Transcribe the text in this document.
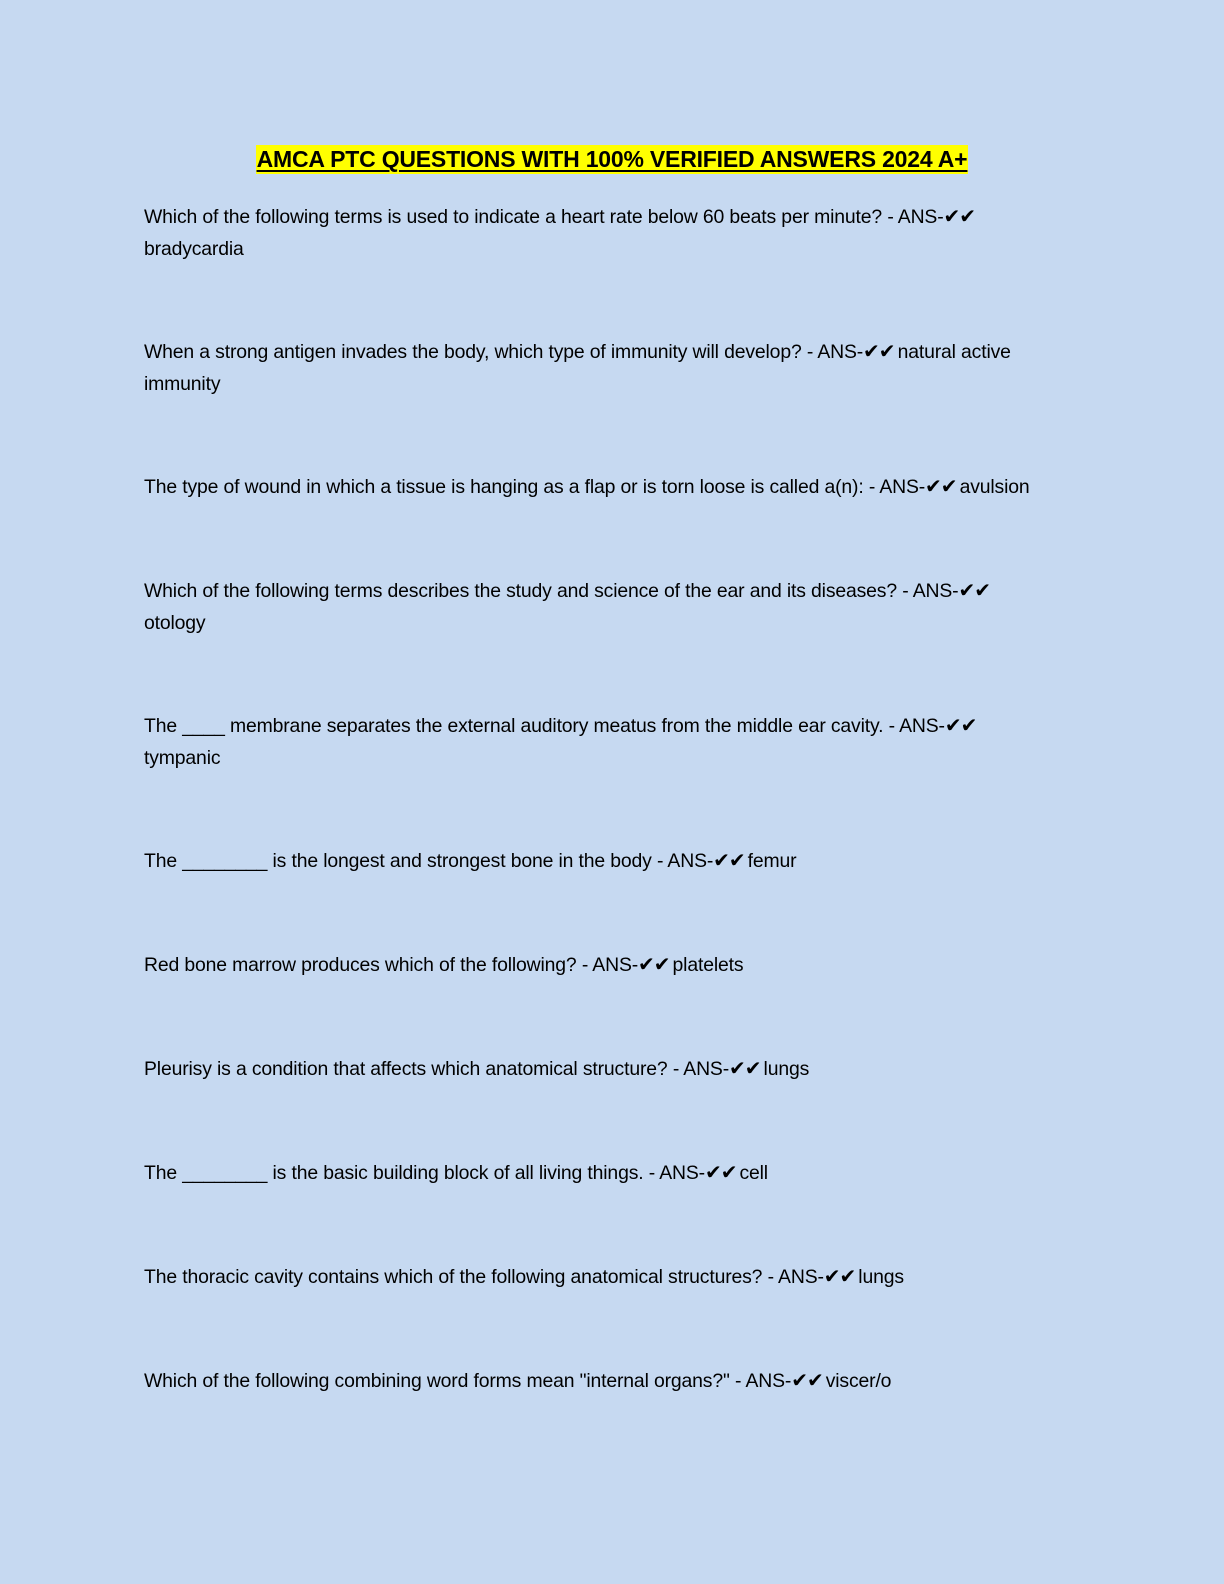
AMCA PTC QUESTIONS WITH 100% VERIFIED ANSWERS 2024 A+

Which of the following terms is used to indicate a heart rate below 60 beats per minute? - ANS-✔✔
bradycardia

When a strong antigen invades the body, which type of immunity will develop? - ANS-✔✔ natural active immunity

The type of wound in which a tissue is hanging as a flap or is torn loose is called a(n): - ANS-✔✔ avulsion

Which of the following terms describes the study and science of the ear and its diseases? - ANS-✔✔
otology

The ____ membrane separates the external auditory meatus from the middle ear cavity. - ANS-✔✔
tympanic

The ________ is the longest and strongest bone in the body - ANS-✔✔ femur

Red bone marrow produces which of the following? - ANS-✔✔ platelets

Pleurisy is a condition that affects which anatomical structure? - ANS-✔✔ lungs

The ________ is the basic building block of all living things. - ANS-✔✔ cell

The thoracic cavity contains which of the following anatomical structures? - ANS-✔✔ lungs

Which of the following combining word forms mean "internal organs?" - ANS-✔✔ viscer/o
